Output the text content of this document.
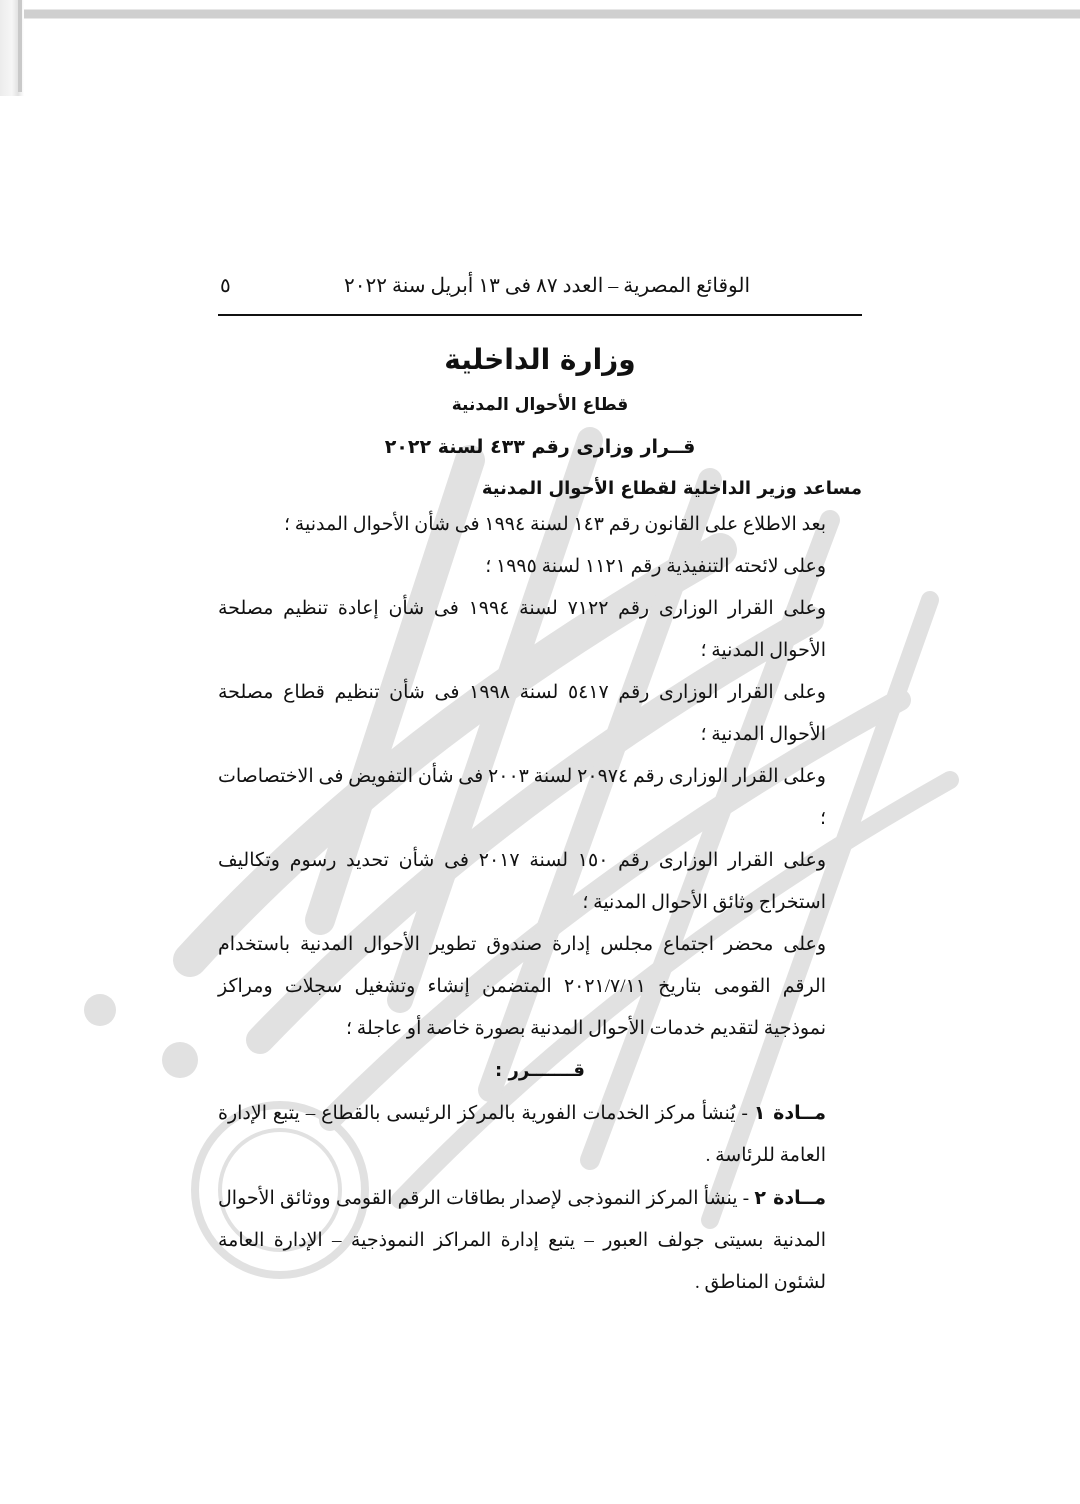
الوقائع المصرية – العدد ٨٧ فى ١٣ أبريل سنة ٢٠٢٢
٥
وزارة الداخلية
قطاع الأحوال المدنية
قــرار وزارى رقم ٤٣٣ لسنة ٢٠٢٢
مساعد وزير الداخلية لقطاع الأحوال المدنية

بعد الاطلاع على القانون رقم ١٤٣ لسنة ١٩٩٤ فى شأن الأحوال المدنية ؛

وعلى لائحته التنفيذية رقم ١١٢١ لسنة ١٩٩٥ ؛

وعلى القرار الوزارى رقم ٧١٢٢ لسنة ١٩٩٤ فى شأن إعادة تنظيم مصلحة الأحوال المدنية ؛

وعلى القرار الوزارى رقم ٥٤١٧ لسنة ١٩٩٨ فى شأن تنظيم قطاع مصلحة الأحوال المدنية ؛

وعلى القرار الوزارى رقم ٢٠٩٧٤ لسنة ٢٠٠٣ فى شأن التفويض فى الاختصاصات ؛

وعلى القرار الوزارى رقم ١٥٠ لسنة ٢٠١٧ فى شأن تحديد رسوم وتكاليف استخراج وثائق الأحوال المدنية ؛

وعلى محضر اجتماع مجلس إدارة صندوق تطوير الأحوال المدنية باستخدام الرقم القومى بتاريخ ٢٠٢١/٧/١١ المتضمن إنشاء وتشغيل سجلات ومراكز نموذجية لتقديم خدمات الأحوال المدنية بصورة خاصة أو عاجلة ؛

قـــــــرر :

مــادة ١ - يُنشأ مركز الخدمات الفورية بالمركز الرئيسى بالقطاع – يتبع الإدارة العامة للرئاسة .

مــادة ٢ - ينشأ المركز النموذجى لإصدار بطاقات الرقم القومى ووثائق الأحوال المدنية بسيتى جولف العبور – يتبع إدارة المراكز النموذجية – الإدارة العامة لشئون المناطق .
